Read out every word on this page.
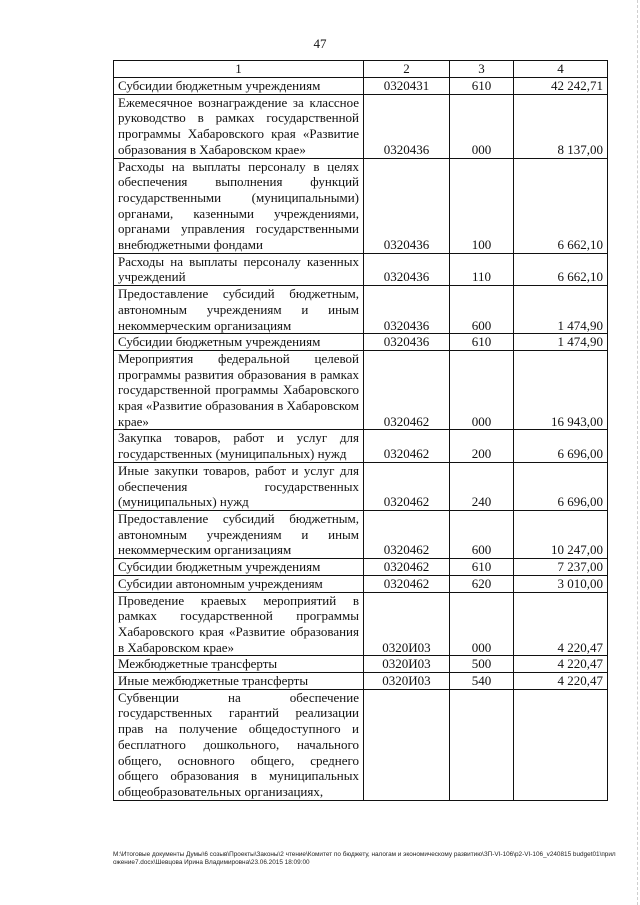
47
1	2	3	4
Субсидии бюджетным учреждениям	0320431	610	42 242,71
Ежемесячное вознаграждение за классное руководство в рамках государственной программы Хабаровского края «Развитие образования в Хабаровском крае»	0320436	000	8 137,00
Расходы на выплаты персоналу в целях обеспечения выполнения функций государственными (муниципальными) органами, казенными учреждениями, органами управления государственными внебюджетными фондами	0320436	100	6 662,10
Расходы на выплаты персоналу казенных учреждений	0320436	110	6 662,10
Предоставление субсидий бюджетным, автономным учреждениям и иным некоммерческим организациям	0320436	600	1 474,90
Субсидии бюджетным учреждениям	0320436	610	1 474,90
Мероприятия федеральной целевой программы развития образования в рамках государственной программы Хабаровского края «Развитие образования в Хабаровском крае»	0320462	000	16 943,00
Закупка товаров, работ и услуг для государственных (муниципальных) нужд	0320462	200	6 696,00
Иные закупки товаров, работ и услуг для обеспечения государственных (муниципальных) нужд	0320462	240	6 696,00
Предоставление субсидий бюджетным, автономным учреждениям и иным некоммерческим организациям	0320462	600	10 247,00
Субсидии бюджетным учреждениям	0320462	610	7 237,00
Субсидии автономным учреждениям	0320462	620	3 010,00
Проведение краевых мероприятий в рамках государственной программы Хабаровского края «Развитие образования в Хабаровском крае»	0320И03	000	4 220,47
Межбюджетные трансферты	0320И03	500	4 220,47
Иные межбюджетные трансферты	0320И03	540	4 220,47
Субвенции на обеспечение государственных гарантий реализации прав на получение общедоступного и бесплатного дошкольного, начального общего, основного общего, среднего общего образования в муниципальных общеобразовательных организациях,			
М:\Итоговые документы Думы\6 созыв\Проекты\Законы\2 чтение\Комитет по бюджету, налогам и экономическому развитию\ЗП-VI-106\р2-VI-106_v240815 budget01\приложение7.docx\Шевцова Ирина Владимировна\23.06.2015 18:09:00
